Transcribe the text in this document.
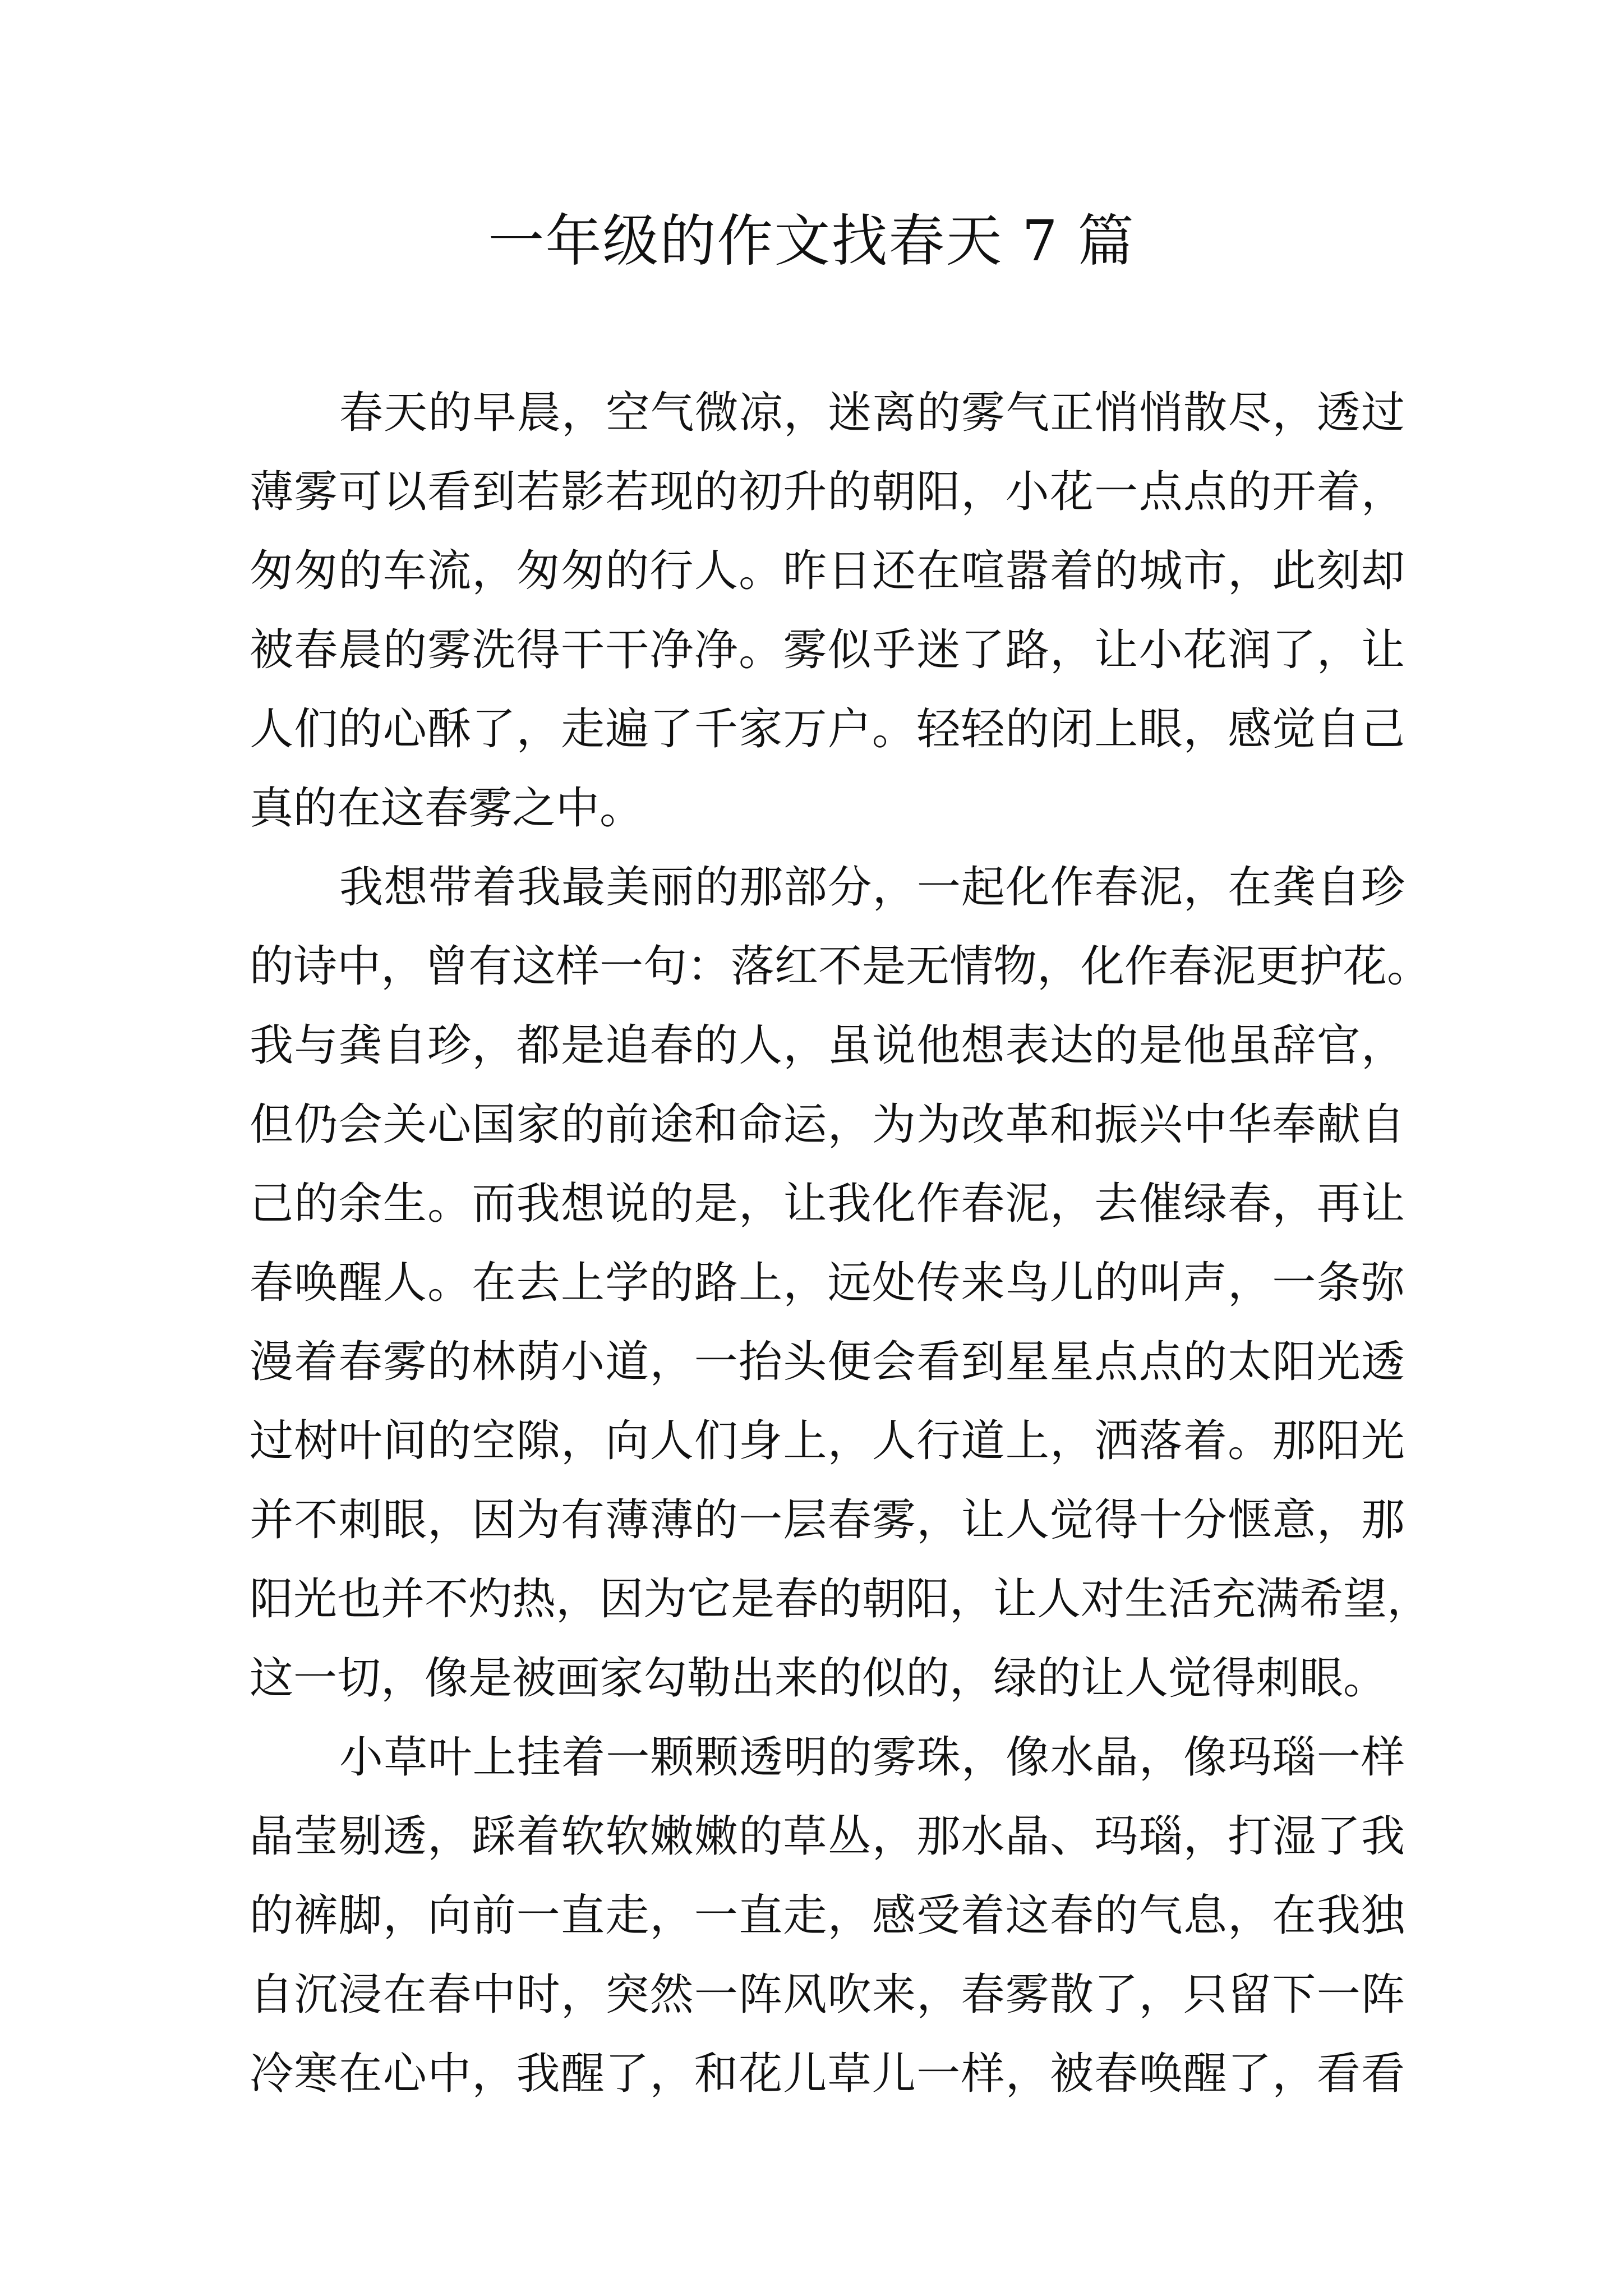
一年级的作文找春天 7 篇

春天的早晨，空气微凉，迷离的雾气正悄悄散尽，透过
薄雾可以看到若影若现的初升的朝阳，小花一点点的开着，
匆匆的车流，匆匆的行人。昨日还在喧嚣着的城市，此刻却
被春晨的雾洗得干干净净。雾似乎迷了路，让小花润了，让
人们的心酥了，走遍了千家万户。轻轻的闭上眼，感觉自己
真的在这春雾之中。

我想带着我最美丽的那部分，一起化作春泥，在龚自珍
的诗中，曾有这样一句：落红不是无情物，化作春泥更护花。
我与龚自珍，都是追春的人，虽说他想表达的是他虽辞官，
但仍会关心国家的前途和命运，为为改革和振兴中华奉献自
己的余生。而我想说的是，让我化作春泥，去催绿春，再让
春唤醒人。在去上学的路上，远处传来鸟儿的叫声，一条弥
漫着春雾的林荫小道，一抬头便会看到星星点点的太阳光透
过树叶间的空隙，向人们身上，人行道上，洒落着。那阳光
并不刺眼，因为有薄薄的一层春雾，让人觉得十分惬意，那
阳光也并不灼热，因为它是春的朝阳，让人对生活充满希望，
这一切，像是被画家勾勒出来的似的，绿的让人觉得刺眼。

小草叶上挂着一颗颗透明的雾珠，像水晶，像玛瑙一样
晶莹剔透，踩着软软嫩嫩的草丛，那水晶、玛瑙，打湿了我
的裤脚，向前一直走，一直走，感受着这春的气息，在我独
自沉浸在春中时，突然一阵风吹来，春雾散了，只留下一阵
冷寒在心中，我醒了，和花儿草儿一样，被春唤醒了，看看
